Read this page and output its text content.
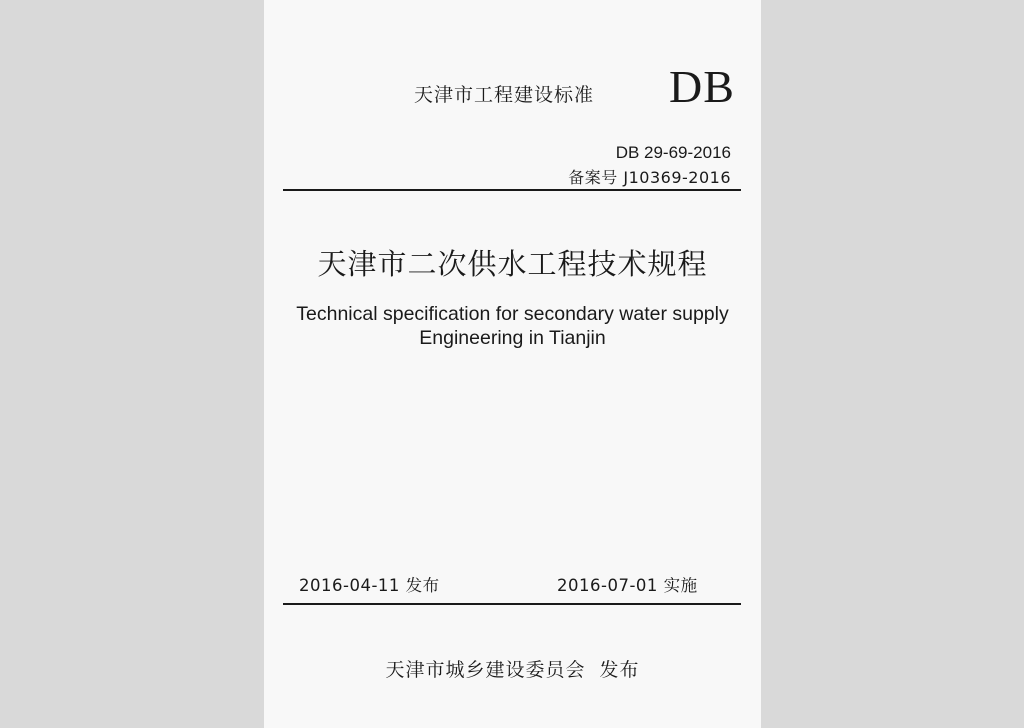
天津市工程建设标准 DB
DB 29-69-2016
备案号 J10369-2016
天津市二次供水工程技术规程
Technical specification for secondary water supply
Engineering in Tianjin
2016-04-11 发布	2016-07-01 实施
天津市城乡建设委员会  发布
